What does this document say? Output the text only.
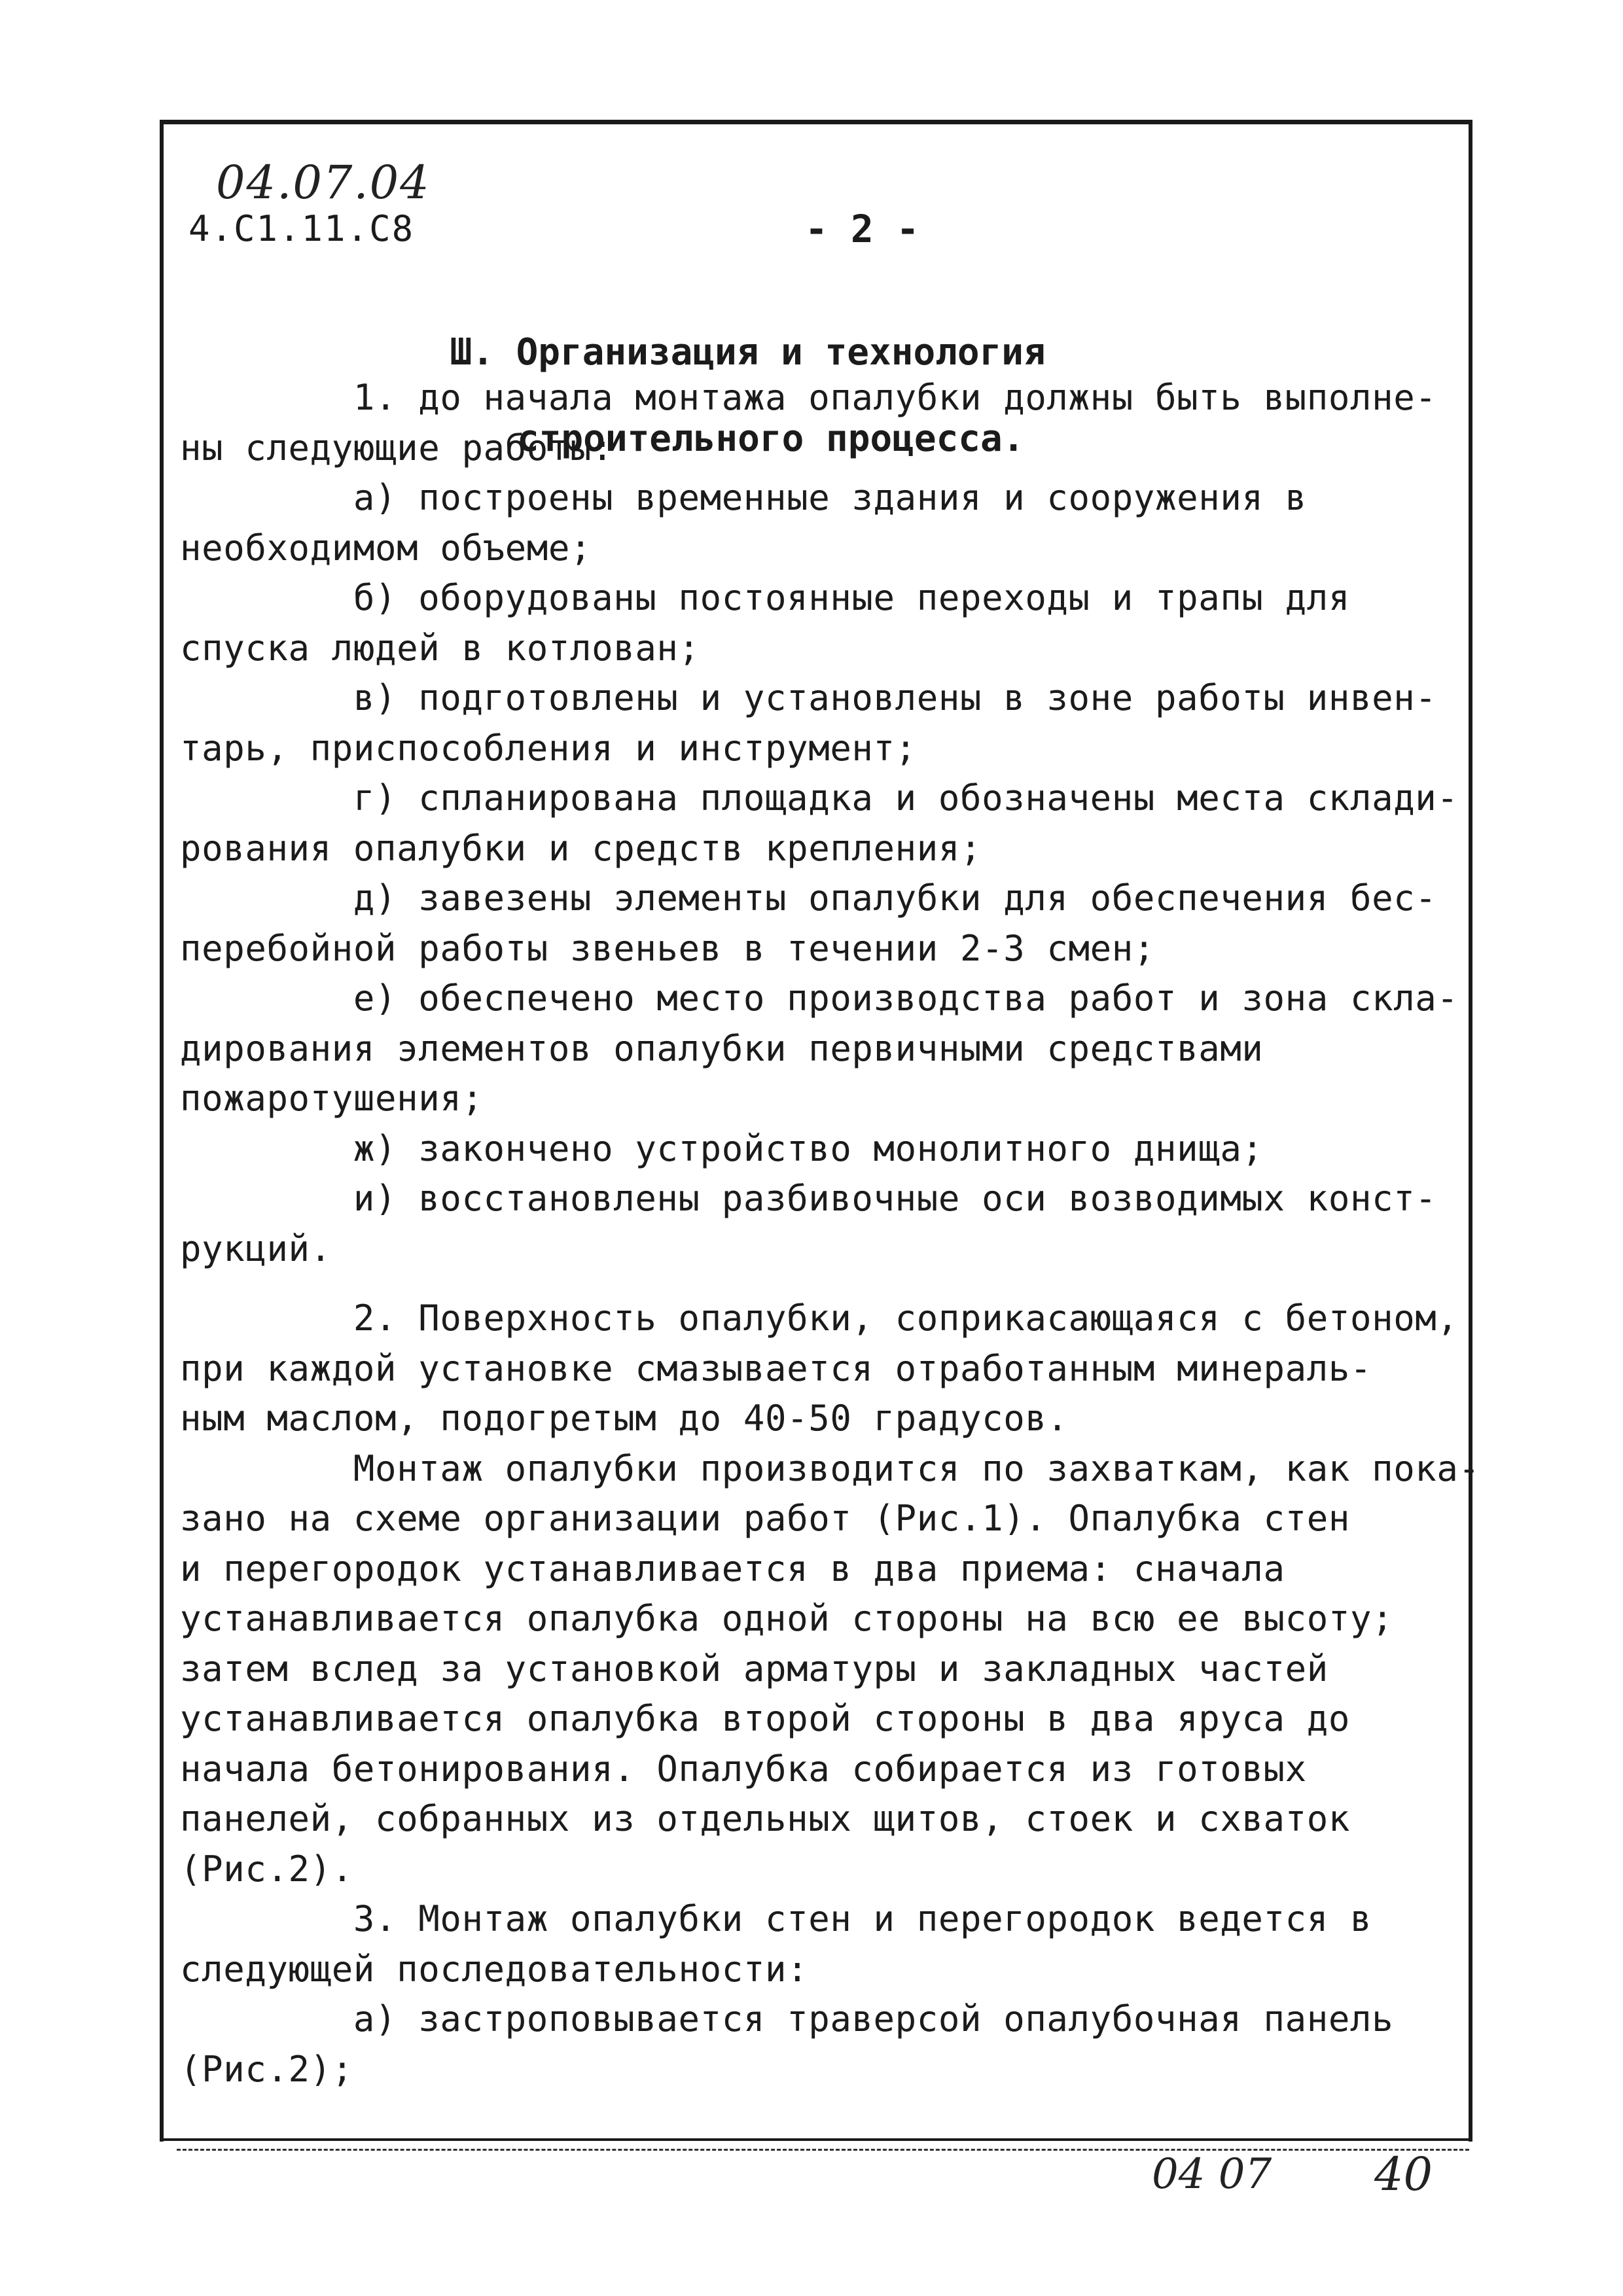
04.07.04
4.С1.11.С8	- 2 -

Ш. Организация и технология

строительного процесса.

1. до начала монтажа опалубки должны быть выполне-
ны следующие работы:
а) построены временные здания и сооружения в
необходимом объеме;
б) оборудованы постоянные переходы и трапы для
спуска людей в котлован;
в) подготовлены и установлены в зоне работы инвен-
тарь, приспособления и инструмент;
г) спланирована площадка и обозначены места склади-
рования опалубки и средств крепления;
д) завезены элементы опалубки для обеспечения бес-
перебойной работы звеньев в течении 2-3 смен;
е) обеспечено место производства работ и зона скла-
дирования элементов опалубки первичными средствами
пожаротушения;
ж) закончено устройство монолитного днища;
и) восстановлены разбивочные оси возводимых конст-
рукций.
2. Поверхность опалубки, соприкасающаяся с бетоном,
при каждой установке смазывается отработанным минераль-
ным маслом, подогретым до 40-50 градусов.
Монтаж опалубки производится по захваткам, как пока-
зано на схеме организации работ (Рис.1). Опалубка стен
и перегородок устанавливается в два приема: сначала
устанавливается опалубка одной стороны на всю ее высоту;
затем вслед за установкой арматуры и закладных частей
устанавливается опалубка второй стороны в два яруса до
начала бетонирования. Опалубка собирается из готовых
панелей, собранных из отдельных щитов, стоек и схваток
(Рис.2).
3. Монтаж опалубки стен и перегородок ведется в
следующей последовательности:
а) застроповывается траверсой опалубочная панель
(Рис.2);
04 07 40
